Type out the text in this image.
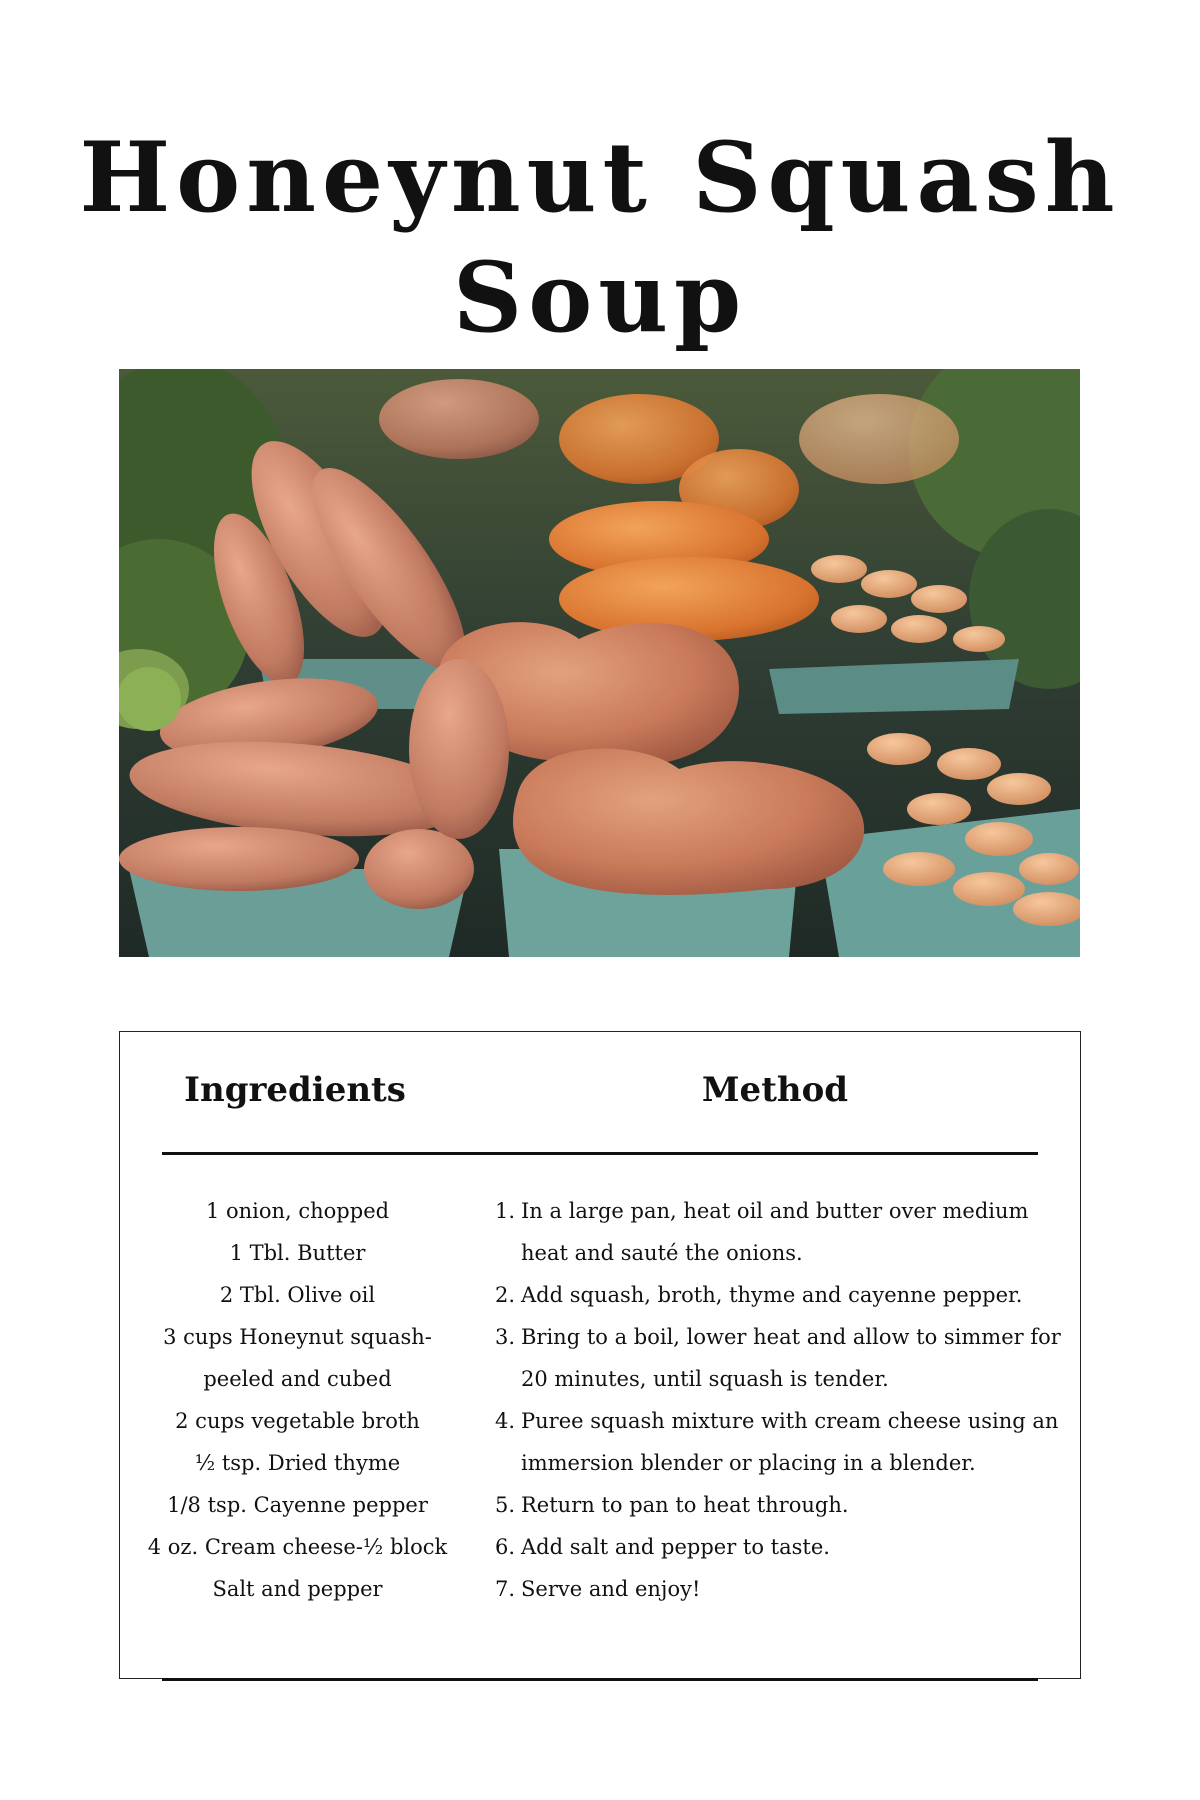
Honeynut Squash
Soup
Ingredients	Method
1 onion, chopped
1 Tbl. Butter
2 Tbl. Olive oil
3 cups Honeynut squash- peeled and cubed
2 cups vegetable broth
½ tsp. Dried thyme
1/8 tsp. Cayenne pepper
4 oz. Cream cheese-½ block
Salt and pepper
1. In a large pan, heat oil and butter over medium heat and sauté the onions.
2. Add squash, broth, thyme and cayenne pepper.
3. Bring to a boil, lower heat and allow to simmer for 20 minutes, until squash is tender.
4. Puree squash mixture with cream cheese using an immersion blender or placing in a blender.
5. Return to pan to heat through.
6. Add salt and pepper to taste.
7. Serve and enjoy!
